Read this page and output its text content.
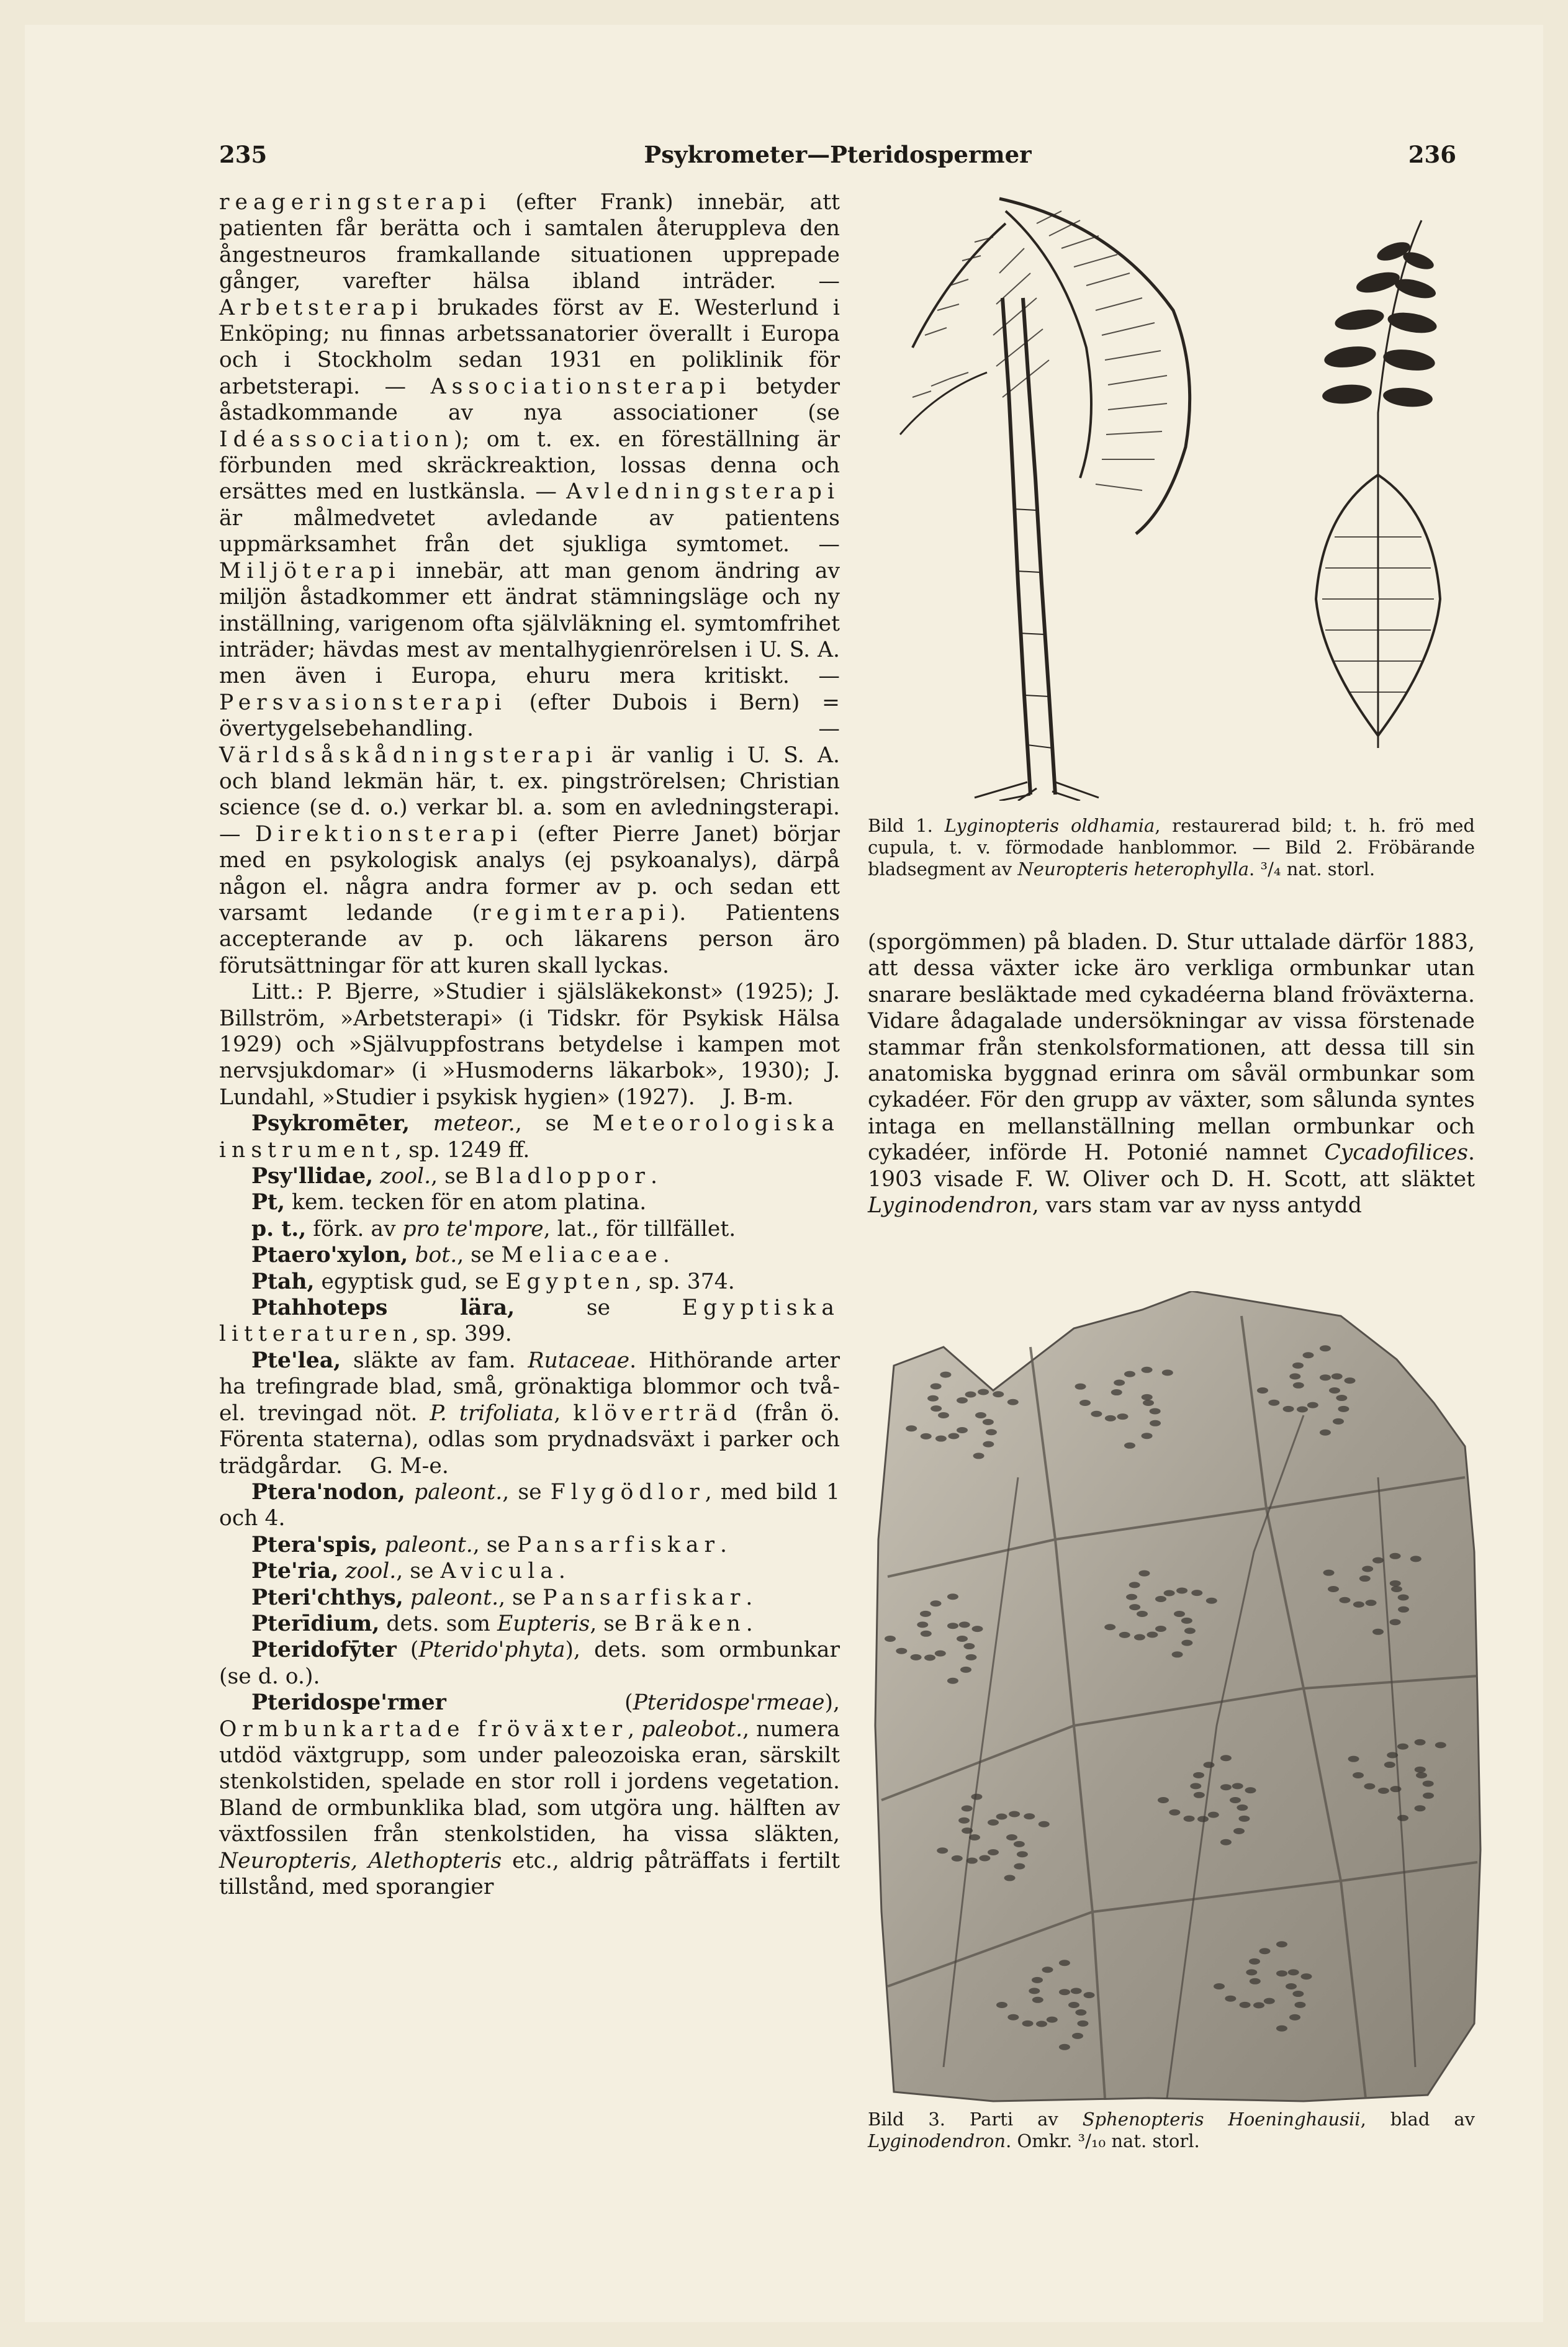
235	Psykrometer—Pteridospermer	236

reageringsterapi (efter Frank) innebär, att patienten får berätta och i samtalen återuppleva den ångestneuros framkallande situationen upprepade gånger, varefter hälsa ibland inträder. — Arbetsterapi brukades först av E. Westerlund i Enköping; nu finnas arbetssanatorier överallt i Europa och i Stockholm sedan 1931 en poliklinik för arbetsterapi. — Associationsterapi betyder åstadkommande av nya associationer (se Idéassociation); om t. ex. en föreställning är förbunden med skräckreaktion, lossas denna och ersättes med en lustkänsla. — Avledningsterapi är målmedvetet avledande av patientens uppmärksamhet från det sjukliga symtomet. — Miljöterapi innebär, att man genom ändring av miljön åstadkommer ett ändrat stämningsläge och ny inställning, varigenom ofta självläkning el. symtomfrihet inträder; hävdas mest av mentalhygienrörelsen i U. S. A. men även i Europa, ehuru mera kritiskt. — Persvasionsterapi (efter Dubois i Bern) = övertygelsebehandling. — Världsåskådningsterapi är vanlig i U. S. A. och bland lekmän här, t. ex. pingströrelsen; Christian science (se d. o.) verkar bl. a. som en avledningsterapi. — Direktionsterapi (efter Pierre Janet) börjar med en psykologisk analys (ej psykoanalys), därpå någon el. några andra former av p. och sedan ett varsamt ledande (regimterapi). Patientens accepterande av p. och läkarens person äro förutsättningar för att kuren skall lyckas.

Litt.: P. Bjerre, »Studier i själsläkekonst» (1925); J. Billström, »Arbetsterapi» (i Tidskr. för Psykisk Hälsa 1929) och »Självuppfostrans betydelse i kampen mot nervsjukdomar» (i »Husmoderns läkarbok», 1930); J. Lundahl, »Studier i psykisk hygien» (1927).    J. B-m.

Psykromēter, meteor., se Meteorologiska instrument, sp. 1249 ff.

Psy'llidae, zool., se Bladloppor.

Pt, kem. tecken för en atom platina.

p. t., förk. av pro te'mpore, lat., för tillfället.

Ptaero'xylon, bot., se Meliaceae.

Ptah, egyptisk gud, se Egypten, sp. 374.

Ptahhoteps lära, se Egyptiska litteraturen, sp. 399.

Pte'lea, släkte av fam. Rutaceae. Hithörande arter ha trefingrade blad, små, grönaktiga blommor och två- el. trevingad nöt. P. trifoliata, klöverträd (från ö. Förenta staterna), odlas som prydnadsväxt i parker och trädgårdar.    G. M-e.

Ptera'nodon, paleont., se Flygödlor, med bild 1 och 4.

Ptera'spis, paleont., se Pansarfiskar.

Pte'ria, zool., se Avicula.

Pteri'chthys, paleont., se Pansarfiskar.

Pterīdium, dets. som Eupteris, se Bräken.

Pteridofȳter (Pterido'phyta), dets. som ormbunkar (se d. o.).

Pteridospe'rmer (Pteridospe'rmeae), Ormbunkartade fröväxter, paleobot., numera utdöd växtgrupp, som under paleozoiska eran, särskilt stenkolstiden, spelade en stor roll i jordens vegetation. Bland de ormbunklika blad, som utgöra ung. hälften av växtfossilen från stenkolstiden, ha vissa släkten, Neuropteris, Alethopteris etc., aldrig påträffats i fertilt tillstånd, med sporangier

Bild 1. Lyginopteris oldhamia, restaurerad bild; t. h. frö med cupula, t. v. förmodade hanblommor. — Bild 2. Fröbärande bladsegment av Neuropteris heterophylla. ³/₄ nat. storl.
(sporgömmen) på bladen. D. Stur uttalade därför 1883, att dessa växter icke äro verkliga ormbunkar utan snarare besläktade med cykadéerna bland fröväxterna. Vidare ådagalade undersökningar av vissa förstenade stammar från stenkolsformationen, att dessa till sin anatomiska byggnad erinra om såväl ormbunkar som cykadéer. För den grupp av växter, som sålunda syntes intaga en mellanställning mellan ormbunkar och cykadéer, införde H. Potonié namnet Cycadofilices. 1903 visade F. W. Oliver och D. H. Scott, att släktet Lyginodendron, vars stam var av nyss antydd
Bild 3. Parti av Sphenopteris Hoeninghausii, blad av Lyginodendron. Omkr. ³/₁₀ nat. storl.
